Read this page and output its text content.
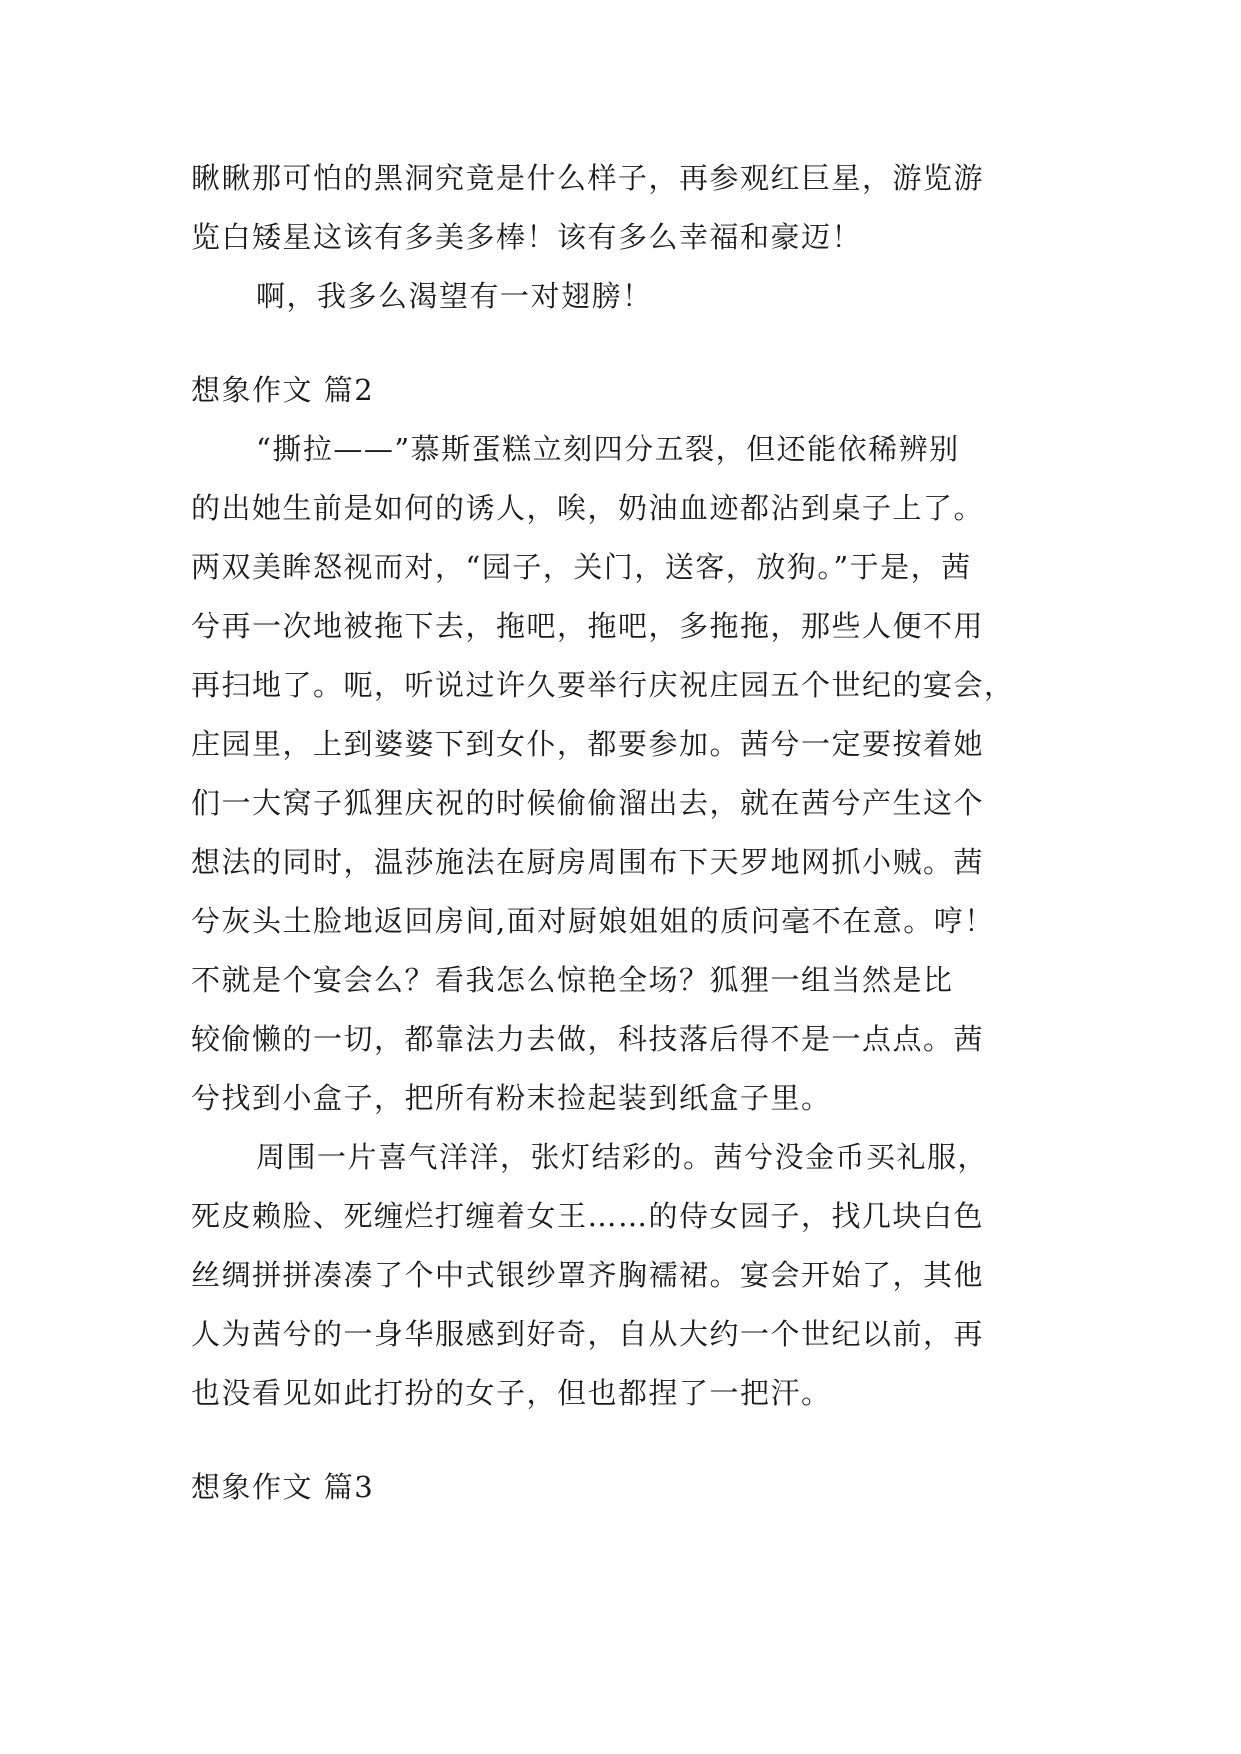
瞅瞅那可怕的黑洞究竟是什么样子，再参观红巨星，游览游
览白矮星这该有多美多棒！该有多么幸福和豪迈！
啊，我多么渴望有一对翅膀！
想象作文 篇2
“撕拉——”慕斯蛋糕立刻四分五裂，但还能依稀辨别
的出她生前是如何的诱人，唉，奶油血迹都沾到桌子上了。
两双美眸怒视而对，“园子，关门，送客，放狗。”于是，茜
兮再一次地被拖下去，拖吧，拖吧，多拖拖，那些人便不用
再扫地了。呃，听说过许久要举行庆祝庄园五个世纪的宴会，
庄园里，上到婆婆下到女仆，都要参加。茜兮一定要按着她
们一大窝子狐狸庆祝的时候偷偷溜出去，就在茜兮产生这个
想法的同时，温莎施法在厨房周围布下天罗地网抓小贼。茜
兮灰头土脸地返回房间,面对厨娘姐姐的质问毫不在意。哼！
不就是个宴会么？看我怎么惊艳全场？狐狸一组当然是比
较偷懒的一切，都靠法力去做，科技落后得不是一点点。茜
兮找到小盒子，把所有粉末捡起装到纸盒子里。
周围一片喜气洋洋，张灯结彩的。茜兮没金币买礼服，
死皮赖脸、死缠烂打缠着女王……的侍女园子，找几块白色
丝绸拼拼凑凑了个中式银纱罩齐胸襦裙。宴会开始了，其他
人为茜兮的一身华服感到好奇，自从大约一个世纪以前，再
也没看见如此打扮的女子，但也都捏了一把汗。
想象作文 篇3
